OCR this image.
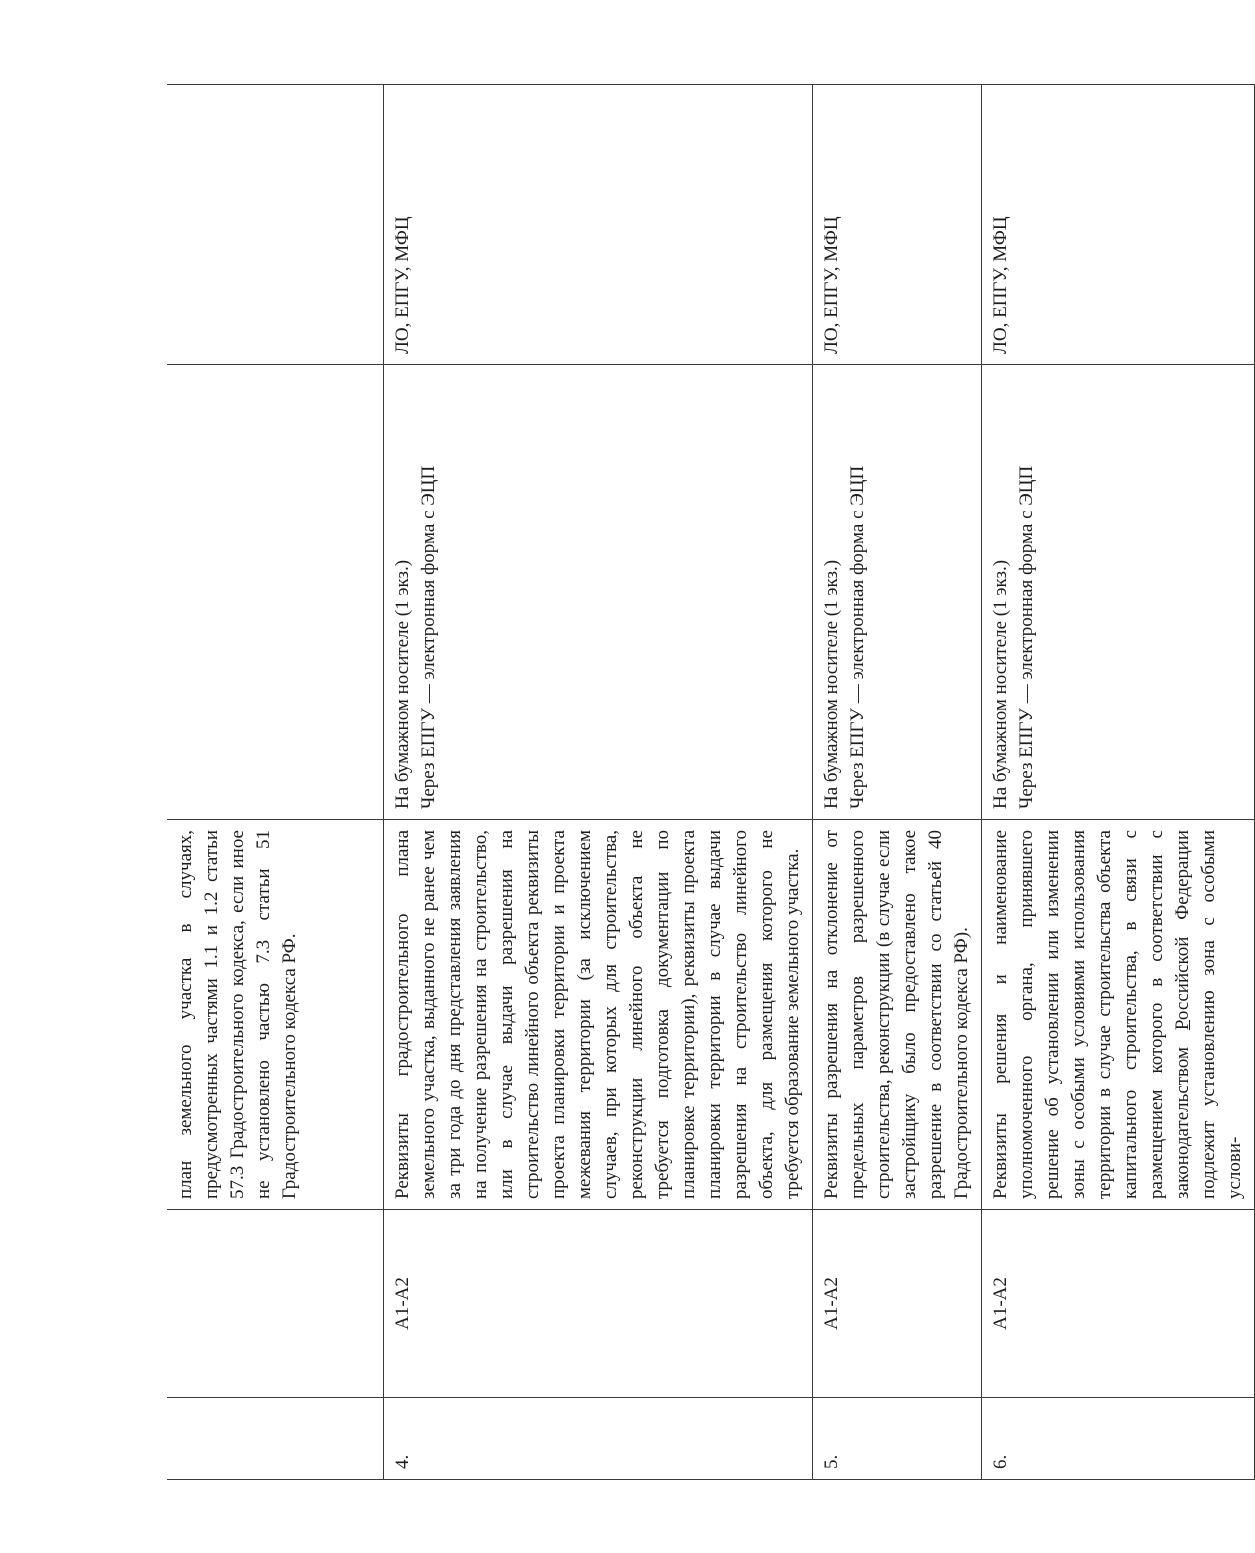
		план земельного участка в случаях, предусмотренных частями 1.1 и 1.2 статьи 57.3 Градостроительного кодекса, если иное не установлено частью 7.3 статьи 51 Градостроительного кодекса РФ.		
4.	А1-А2	Реквизиты градостроительного плана земельного участка, выданного не ранее чем за три года до дня представления заявления на получение разрешения на строительство, или в случае выдачи разрешения на строительство линейного объекта реквизиты проекта планировки территории и проекта межевания территории (за исключением случаев, при которых для строительства, реконструкции линейного объекта не требуется подготовка документации по планировке территории), реквизиты проекта планировки территории в случае выдачи разрешения на строительство линейного объекта, для размещения которого не требуется образование земельного участка.	На бумажном носителе (1 экз.) Через ЕПГУ — электронная форма с ЭЦП	ЛО, ЕПГУ, МФЦ
5.	А1-А2	Реквизиты разрешения на отклонение от предельных параметров разрешенного строительства, реконструкции (в случае если застройщику было предоставлено такое разрешение в соответствии со статьей 40 Градостроительного кодекса РФ).	На бумажном носителе (1 экз.) Через ЕПГУ — электронная форма с ЭЦП	ЛО, ЕПГУ, МФЦ
6.	А1-А2	Реквизиты решения и наименование уполномоченного органа, принявшего решение об установлении или изменении зоны с особыми условиями использования территории в случае строительства объекта капитального строительства, в связи с размещением которого в соответствии с законодательством Российской Федерации подлежит установлению зона с особыми услови-	На бумажном носителе (1 экз.) Через ЕПГУ — электронная форма с ЭЦП	ЛО, ЕПГУ, МФЦ
